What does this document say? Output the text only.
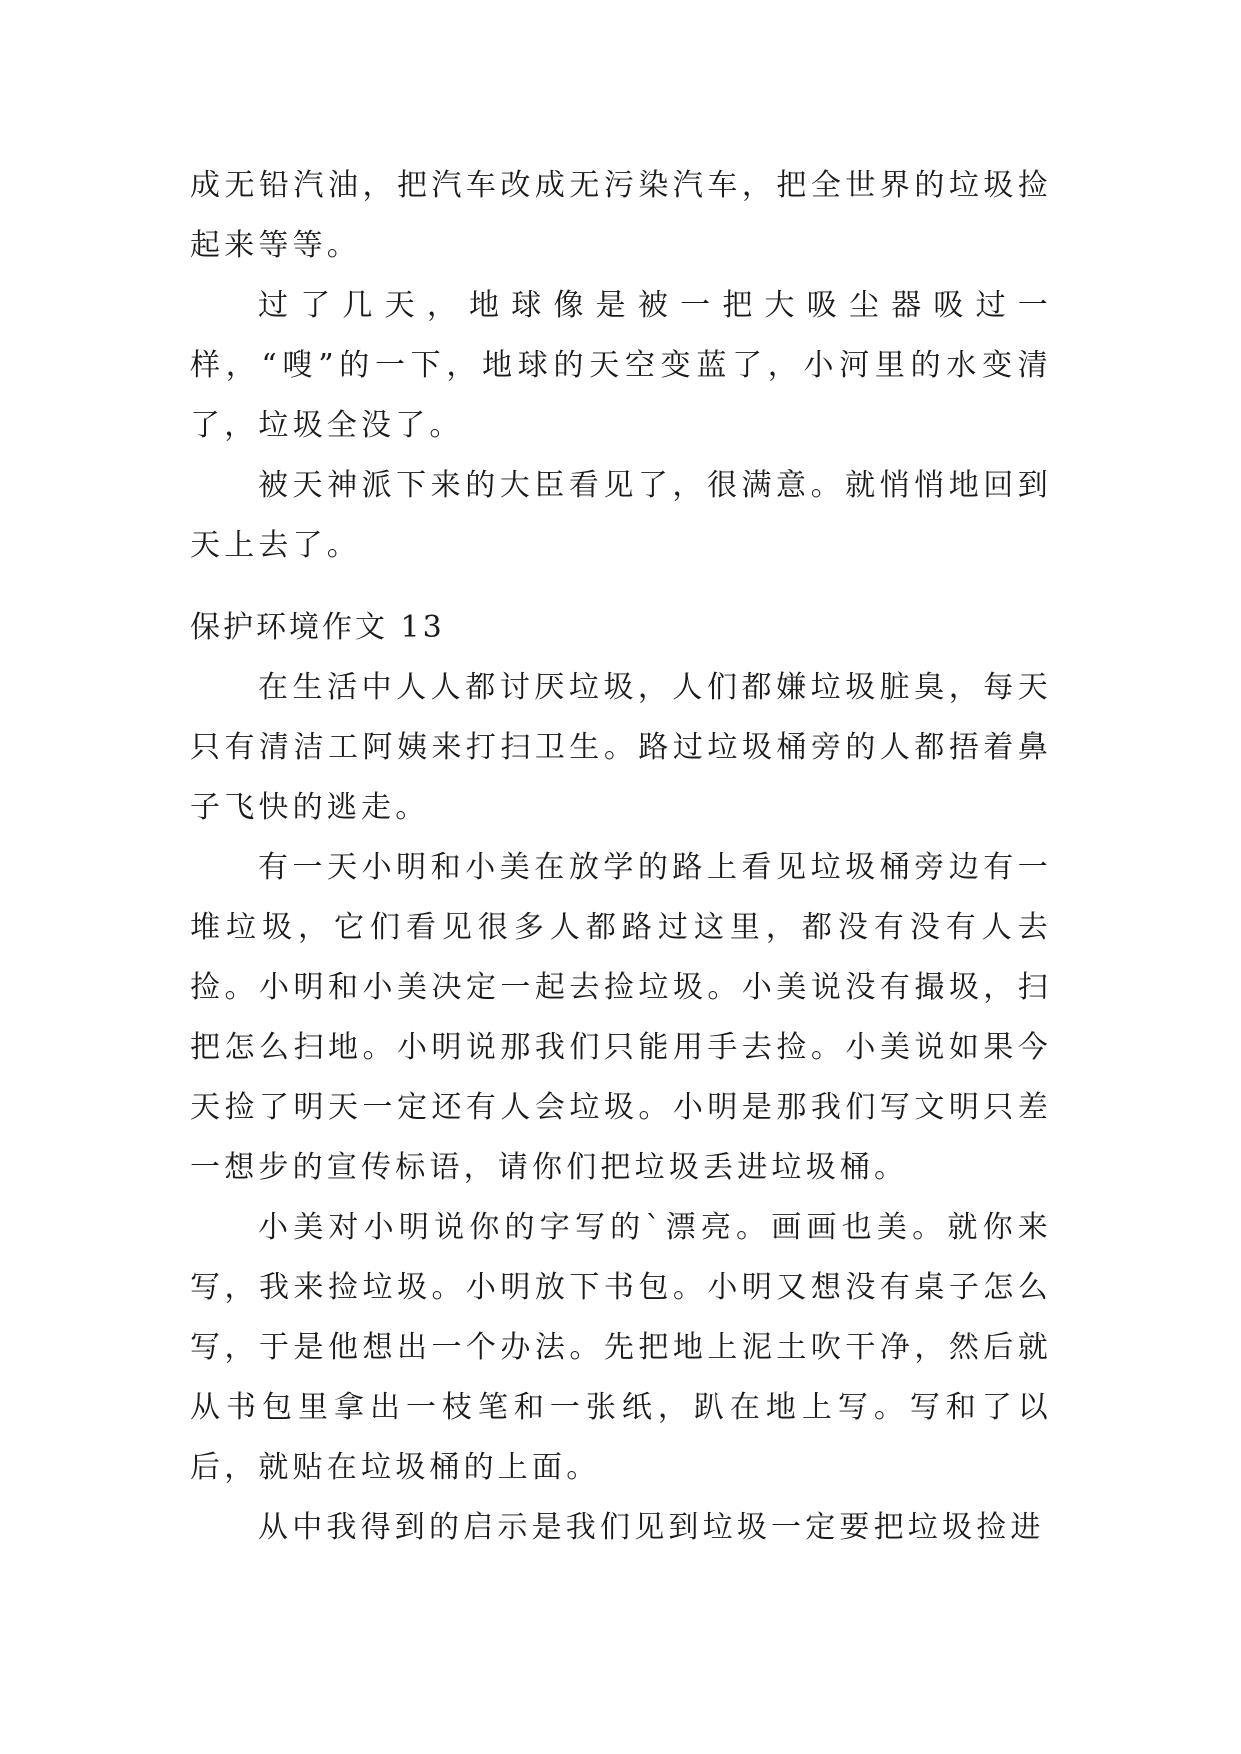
成无铅汽油，把汽车改成无污染汽车，把全世界的垃圾捡起来等等。

过了几天，地球像是被一把大吸尘器吸过一样，“嗖”的一下，地球的天空变蓝了，小河里的水变清了，垃圾全没了。

被天神派下来的大臣看见了，很满意。就悄悄地回到天上去了。

保护环境作文 13

在生活中人人都讨厌垃圾，人们都嫌垃圾脏臭，每天只有清洁工阿姨来打扫卫生。路过垃圾桶旁的人都捂着鼻子飞快的逃走。

有一天小明和小美在放学的路上看见垃圾桶旁边有一堆垃圾，它们看见很多人都路过这里，都没有没有人去捡。小明和小美决定一起去捡垃圾。小美说没有撮圾，扫把怎么扫地。小明说那我们只能用手去捡。小美说如果今天捡了明天一定还有人会垃圾。小明是那我们写文明只差一想步的宣传标语，请你们把垃圾丢进垃圾桶。

小美对小明说你的字写的`漂亮。画画也美。就你来写，我来捡垃圾。小明放下书包。小明又想没有桌子怎么写，于是他想出一个办法。先把地上泥土吹干净，然后就从书包里拿出一枝笔和一张纸，趴在地上写。写和了以后，就贴在垃圾桶的上面。

从中我得到的启示是我们见到垃圾一定要把垃圾捡进
